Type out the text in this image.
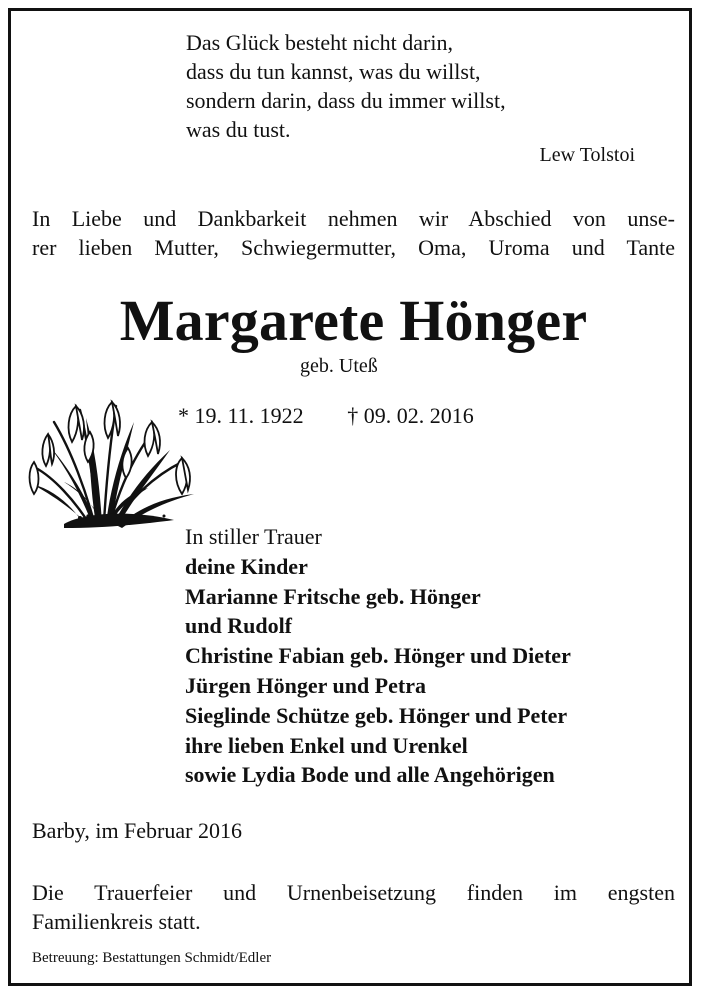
Das Glück besteht nicht darin,
dass du tun kannst, was du willst,
sondern darin, dass du immer willst,
was du tust.
Lew Tolstoi
In Liebe und Dankbarkeit nehmen wir Abschied von unse-
rer lieben Mutter, Schwiegermutter, Oma, Uroma und Tante
Margarete Hönger
geb. Uteß
* 19. 11. 1922 † 09. 02. 2016
In stiller Trauer
deine Kinder
Marianne Fritsche geb. Hönger
und Rudolf
Christine Fabian geb. Hönger und Dieter
Jürgen Hönger und Petra
Sieglinde Schütze geb. Hönger und Peter
ihre lieben Enkel und Urenkel
sowie Lydia Bode und alle Angehörigen
Barby, im Februar 2016
Die Trauerfeier und Urnenbeisetzung finden im engsten
Familienkreis statt.
Betreuung: Bestattungen Schmidt/Edler
